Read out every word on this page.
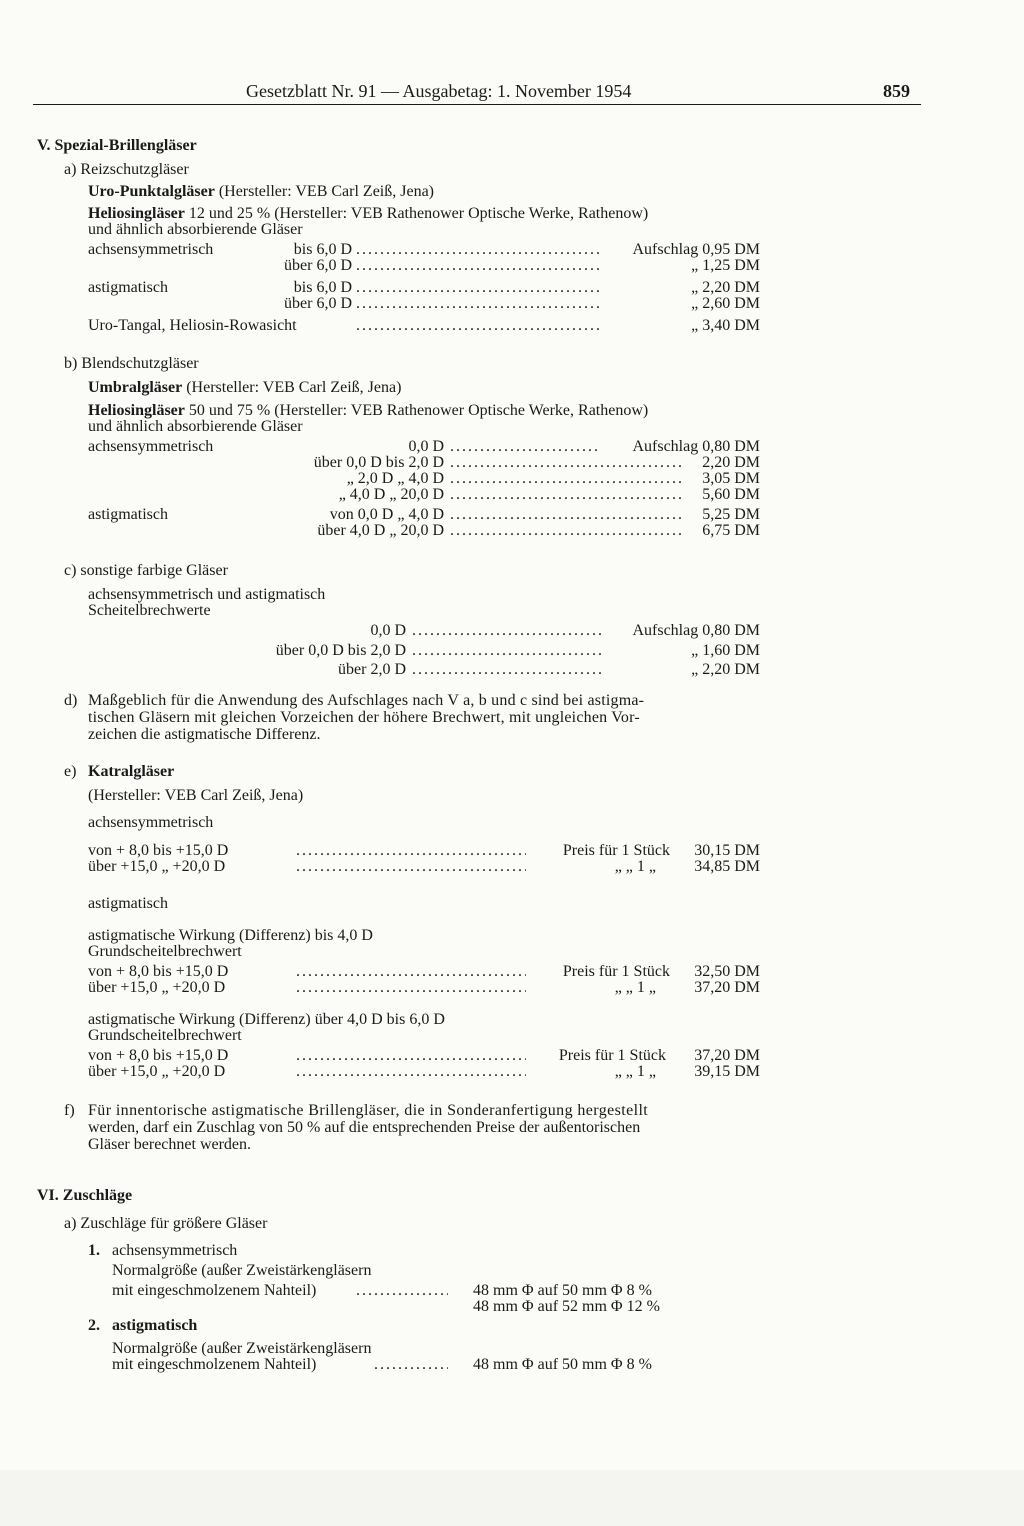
Gesetzblatt Nr. 91 — Ausgabetag: 1. November 1954	859
V. Spezial-Brillengläser
a) Reizschutzgläser
Uro-Punktalgläser (Hersteller: VEB Carl Zeiß, Jena)
Heliosingläser 12 und 25 % (Hersteller: VEB Rathenower Optische Werke, Rathenow)
und ähnlich absorbierende Gläser
achsensymmetrisch	bis 6,0 D .....	Aufschlag 0,95 DM
über 6,0 D .....	„ 1,25 DM
astigmatisch	bis 6,0 D .....	„ 2,20 DM
über 6,0 D .....	„ 2,60 DM
Uro-Tangal, Heliosin-Rowasicht .....	„ 3,40 DM
b) Blendschutzgläser
Umbralgläser (Hersteller: VEB Carl Zeiß, Jena)
Heliosingläser 50 und 75 % (Hersteller: VEB Rathenower Optische Werke, Rathenow)
und ähnlich absorbierende Gläser
achsensymmetrisch	0,0 D .....	Aufschlag 0,80 DM
über 0,0 D bis 2,0 D .....	2,20 DM
„ 2,0 D „ 4,0 D .....	3,05 DM
„ 4,0 D „ 20,0 D .....	5,60 DM
astigmatisch	von 0,0 D „ 4,0 D .....	5,25 DM
über 4,0 D „ 20,0 D .....	6,75 DM
c) sonstige farbige Gläser
achsensymmetrisch und astigmatisch
Scheitelbrechwerte
0,0 D .....	Aufschlag 0,80 DM
über 0,0 D bis 2,0 D .....	„ 1,60 DM
über 2,0 D .....	„ 2,20 DM
d) Maßgeblich für die Anwendung des Aufschlages nach V a, b und c sind bei astigma-
tischen Gläsern mit gleichen Vorzeichen der höhere Brechwert, mit ungleichen Vor-
zeichen die astigmatische Differenz.
e) Katralgläser
(Hersteller: VEB Carl Zeiß, Jena)
achsensymmetrisch
von + 8,0 bis +15,0 D .....	Preis für 1 Stück 30,15 DM
über +15,0 „ +20,0 D .....	„ „ 1 „ 34,85 DM
astigmatisch
astigmatische Wirkung (Differenz) bis 4,0 D
Grundscheitelbrechwert
von + 8,0 bis +15,0 D .....	Preis für 1 Stück 32,50 DM
über +15,0 „ +20,0 D .....	„ „ 1 „ 37,20 DM
astigmatische Wirkung (Differenz) über 4,0 D bis 6,0 D
Grundscheitelbrechwert
von + 8,0 bis +15,0 D .....	Preis für 1 Stück 37,20 DM
über +15,0 „ +20,0 D .....	„ „ 1 „ 39,15 DM
f) Für innentorische astigmatische Brillengläser, die in Sonderanfertigung hergestellt
werden, darf ein Zuschlag von 50 % auf die entsprechenden Preise der außentorischen
Gläser berechnet werden.
VI. Zuschläge
a) Zuschläge für größere Gläser
1. achsensymmetrisch
Normalgröße (außer Zweistärkengläsern
mit eingeschmolzenem Nahteil) .....	48 mm Φ auf 50 mm Φ 8 %
48 mm Φ auf 52 mm Φ 12 %
2. astigmatisch
Normalgröße (außer Zweistärkengläsern
mit eingeschmolzenem Nahteil) .....	48 mm Φ auf 50 mm Φ 8 %
